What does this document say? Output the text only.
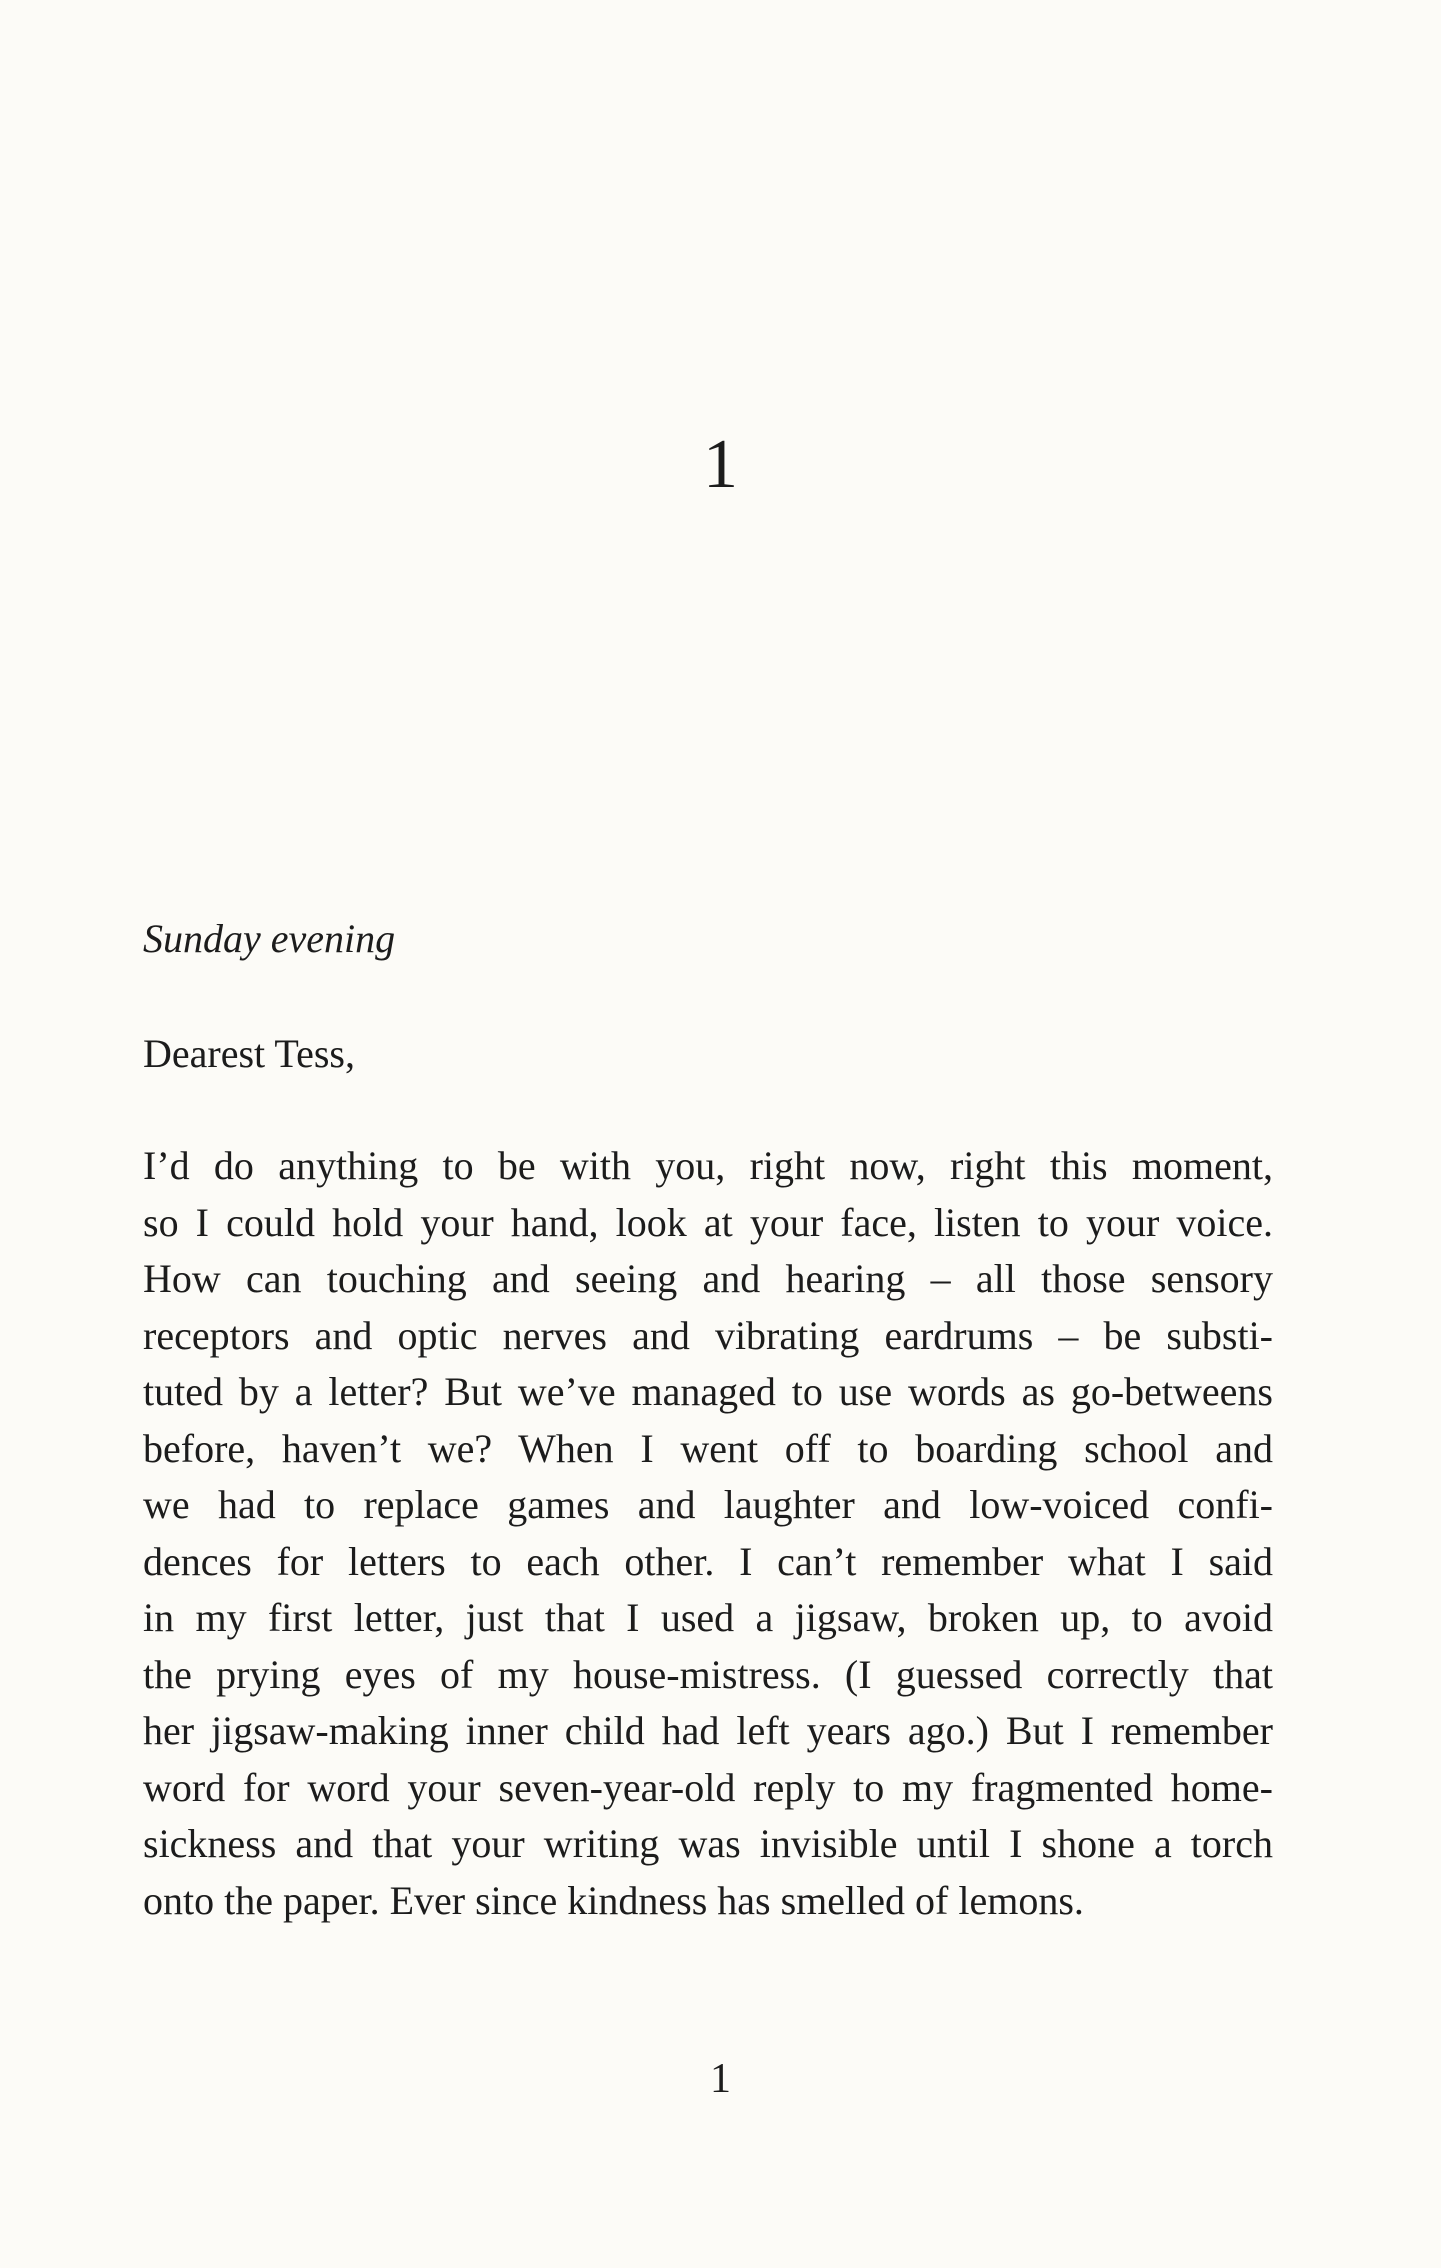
1
Sunday evening
Dearest Tess,
I’d do anything to be with you, right now, right this moment,
so I could hold your hand, look at your face, listen to your voice.
How can touching and seeing and hearing – all those sensory
receptors and optic nerves and vibrating eardrums – be substi-
tuted by a letter? But we’ve managed to use words as go-betweens
before, haven’t we? When I went off to boarding school and
we had to replace games and laughter and low-voiced confi-
dences for letters to each other. I can’t remember what I said
in my first letter, just that I used a jigsaw, broken up, to avoid
the prying eyes of my house-mistress. (I guessed correctly that
her jigsaw-making inner child had left years ago.) But I remember
word for word your seven-year-old reply to my fragmented home-
sickness and that your writing was invisible until I shone a torch
onto the paper. Ever since kindness has smelled of lemons.
1
